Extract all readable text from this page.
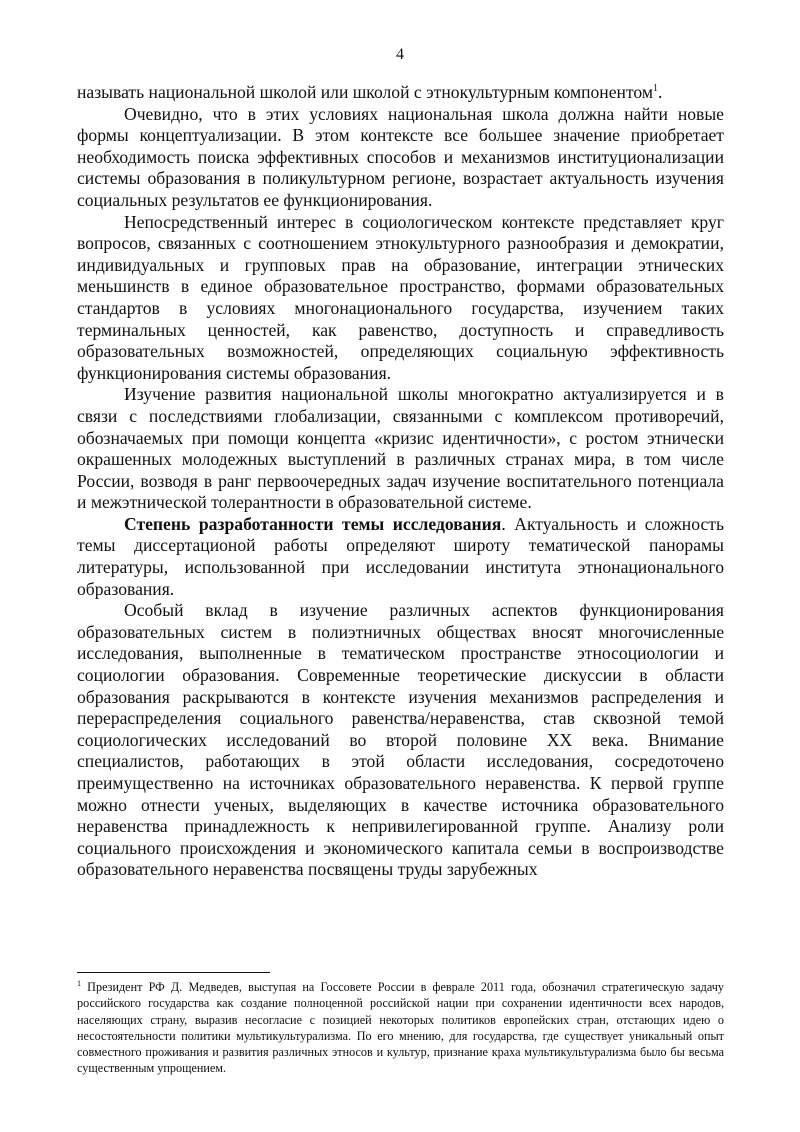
4

называть национальной школой или школой с этнокультурным компонентом$^1$.

Очевидно, что в этих условиях национальная школа должна найти новые формы концептуализации. В этом контексте все большее значение приобретает необходимость поиска эффективных способов и механизмов институционализации системы образования в поликультурном регионе, возрастает актуальность изучения социальных результатов ее функционирования.

Непосредственный интерес в социологическом контексте представляет круг вопросов, связанных с соотношением этнокультурного разнообразия и демократии, индивидуальных и групповых прав на образование, интеграции этнических меньшинств в единое образовательное пространство, формами образовательных стандартов в условиях многонационального государства, изучением таких терминальных ценностей, как равенство, доступность и справедливость образовательных возможностей, определяющих социальную эффективность функционирования системы образования.

Изучение развития национальной школы многократно актуализируется и в связи с последствиями глобализации, связанными с комплексом противоречий, обозначаемых при помощи концепта «кризис идентичности», с ростом этнически окрашенных молодежных выступлений в различных странах мира, в том числе России, возводя в ранг первоочередных задач изучение воспитательного потенциала и межэтнической толерантности в образовательной системе.

Степень разработанности темы исследования. Актуальность и сложность темы диссертационой работы определяют широту тематической панорамы литературы, использованной при исследовании института этнонационального образования.

Особый вклад в изучение различных аспектов функционирования образовательных систем в полиэтничных обществах вносят многочисленные исследования, выполненные в тематическом пространстве этносоциологии и социологии образования. Современные теоретические дискуссии в области образования раскрываются в контексте изучения механизмов распределения и перераспределения социального равенства/неравенства, став сквозной темой социологических исследований во второй половине XX века. Внимание специалистов, работающих в этой области исследования, сосредоточено преимущественно на источниках образовательного неравенства. К первой группе можно отнести ученых, выделяющих в качестве источника образовательного неравенства принадлежность к непривилегированной группе. Анализу роли социального происхождения и экономического капитала семьи в воспроизводстве образовательного неравенства посвящены труды зарубежных

$^1$ Президент РФ Д. Медведев, выступая на Госсовете России в феврале 2011 года, обозначил стратегическую задачу российского государства как создание полноценной российской нации при сохранении идентичности всех народов, населяющих страну, выразив несогласие с позицией некоторых политиков европейских стран, отстающих идею о несостоятельности политики мультикультурализма. По его мнению, для государства, где существует уникальный опыт совместного проживания и развития различных этносов и культур, признание краха мультикультурализма было бы весьма существенным упрощением.
